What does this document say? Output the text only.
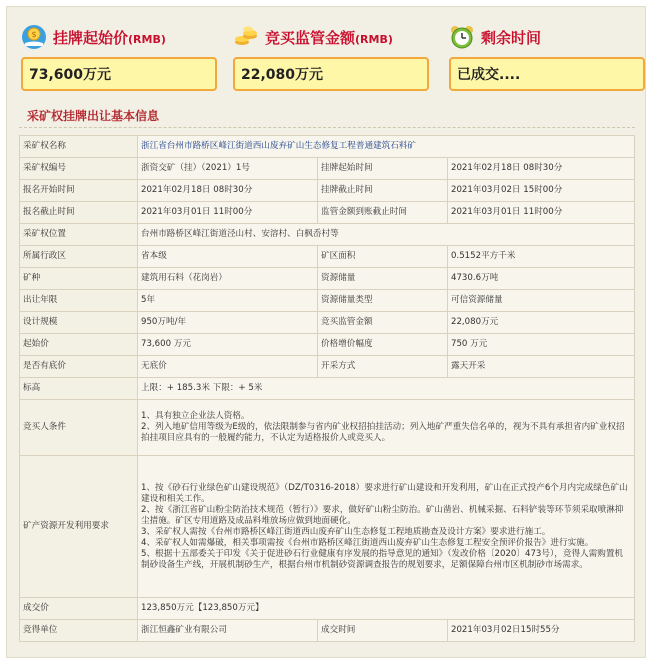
$ 挂牌起始价(RMB)
73,600万元
竞买监管金额(RMB)
22,080万元
剩余时间
已成交....
采矿权挂牌出让基本信息
采矿权名称	浙江省台州市路桥区峰江街道西山废弃矿山生态修复工程普通建筑石料矿		
采矿权编号	浙资交矿（挂）（2021）1号	挂牌起始时间	2021年02月18日 08时30分
报名开始时间	2021年02月18日 08时30分	挂牌截止时间	2021年03月02日 15时00分
报名截止时间	2021年03月01日 11时00分	监管金额到账截止时间	2021年03月01日 11时00分
采矿权位置	台州市路桥区峰江街道泾山村、安溶村、白枫岙村等		
所属行政区	省本级	矿区面积	0.5152平方千米
矿种	建筑用石料（花岗岩）	资源储量	4730.6万吨
出让年限	5年	资源储量类型	可信资源储量
设计规模	950万吨/年	竞买监管金额	22,080万元
起始价	73,600 万元	价格增价幅度	750 万元
是否有底价	无底价	开采方式	露天开采
标高	上限：+ 185.3米 下限：+ 5米		
竞买人条件	1、具有独立企业法人资格。
2、列入地矿信用等级为E级的，依法限制参与省内矿业权招拍挂活动；列入地矿严重失信名单的，视为不具有承担省内矿业权招拍挂项目应具有的一般履约能力，不认定为适格报价人或竞买人。		

矿产资源开发利用要求	1、按《砂石行业绿色矿山建设规范》（DZ/T0316-2018）要求进行矿山建设和开发利用，矿山在正式投产6个月内完成绿色矿山建设和相关工作。
2、按《浙江省矿山粉尘防治技术规范（暂行）》要求，做好矿山粉尘防治。矿山凿岩、机械采掘、石料铲装等环节须采取喷淋抑尘措施。矿区专用道路及成品料堆放场应做到地面硬化。
3、采矿权人需按《台州市路桥区峰江街道西山废弃矿山生态修复工程地质勘查及设计方案》要求进行施工。
4、采矿权人如需爆破，相关事项需按《台州市路桥区峰江街道西山废弃矿山生态修复工程安全预评价报告》进行实施。
5、根据十五部委关于印发《关于促进砂石行业健康有序发展的指导意见的通知》（发改价格〔2020〕473号），竞得人需购置机制砂设备生产线，开展机制砂生产，根据台州市机制砂资源调查报告的规划要求，足额保障台州市区机制砂市场需求。		

成交价	123,850万元【123,850万元】		
竞得单位	浙江恒鑫矿业有限公司	成交时间	2021年03月02日15时55分
